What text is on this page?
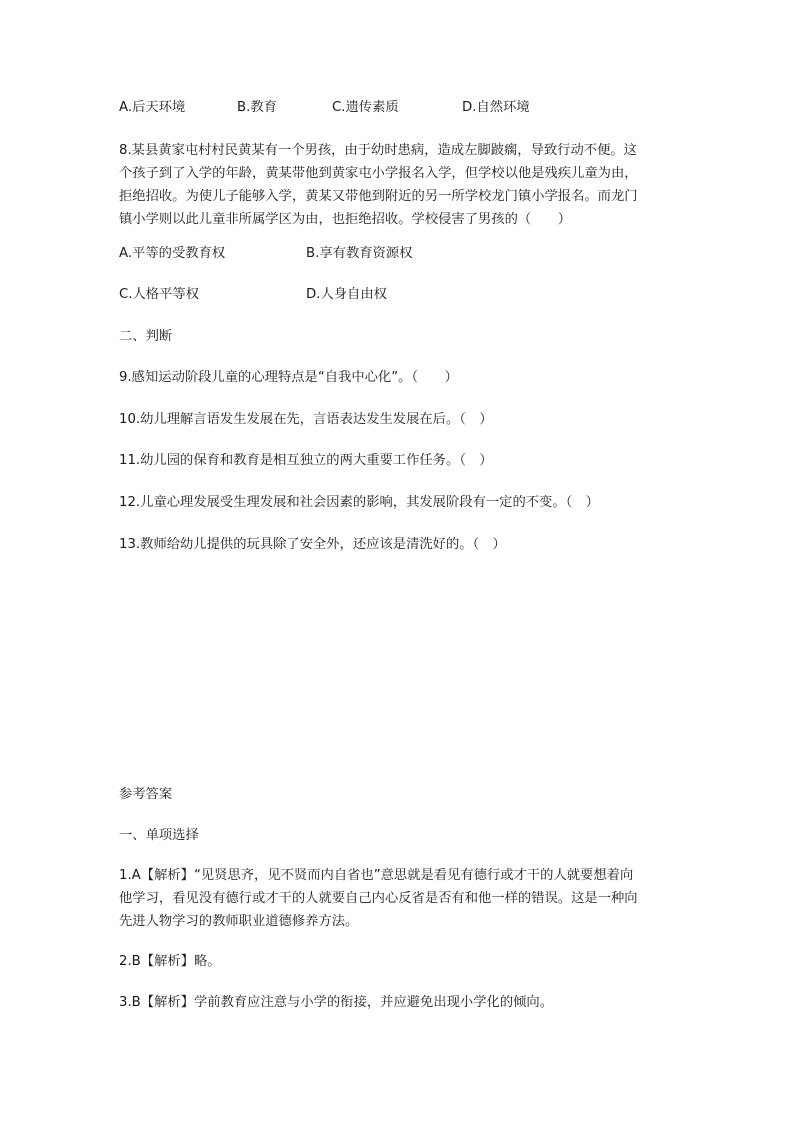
A.后天环境	B.教育	C.遗传素质	D.自然环境
8.某县黄家屯村村民黄某有一个男孩，由于幼时患病，造成左脚跛瘸，导致行动不便。这
个孩子到了入学的年龄，黄某带他到黄家屯小学报名入学，但学校以他是残疾儿童为由，
拒绝招收。为使儿子能够入学，黄某又带他到附近的另一所学校龙门镇小学报名。而龙门
镇小学则以此儿童非所属学区为由，也拒绝招收。学校侵害了男孩的（　　）
A.平等的受教育权	B.享有教育资源权
C.人格平等权	D.人身自由权
二、判断
9.感知运动阶段儿童的心理特点是“自我中心化”。（　　）
10.幼儿理解言语发生发展在先，言语表达发生发展在后。（　）
11.幼儿园的保育和教育是相互独立的两大重要工作任务。（　）
12.儿童心理发展受生理发展和社会因素的影响，其发展阶段有一定的不变。（　）
13.教师给幼儿提供的玩具除了安全外，还应该是清洗好的。（　）
参考答案
一、单项选择
1.A【解析】“见贤思齐，见不贤而内自省也”意思就是看见有德行或才干的人就要想着向
他学习，看见没有德行或才干的人就要自己内心反省是否有和他一样的错误。这是一种向
先进人物学习的教师职业道德修养方法。
2.B【解析】略。
3.B【解析】学前教育应注意与小学的衔接，并应避免出现小学化的倾向。
